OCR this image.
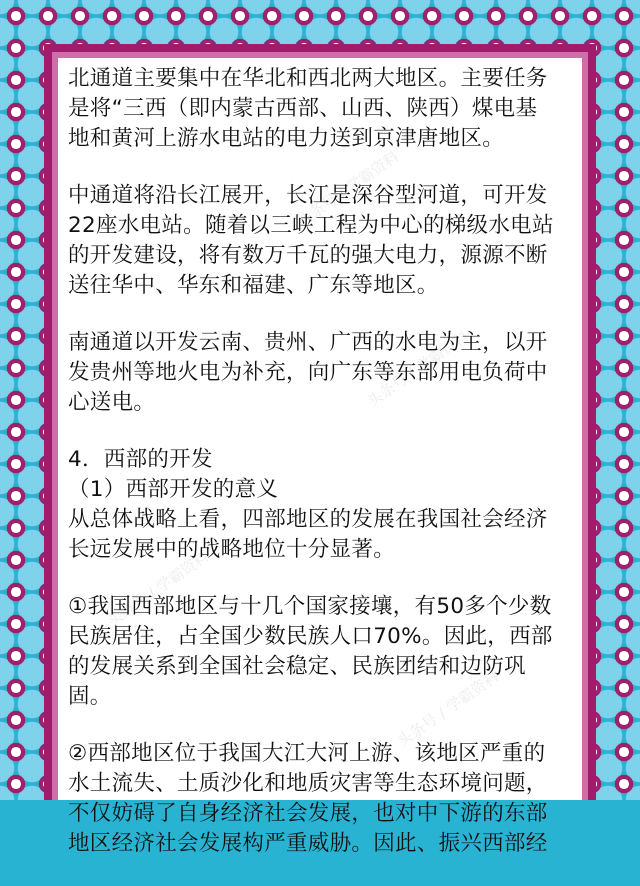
头条号 / 学霸资料
头条号 / 学霸资料
头条号 / 学霸资料
头条号 / 学霸资料

北通道主要集中在华北和西北两大地区。主要任务
是将“三西（即内蒙古西部、山西、陕西）煤电基
地和黄河上游水电站的电力送到京津唐地区。

中通道将沿长江展开，长江是深谷型河道，可开发
22座水电站。随着以三峡工程为中心的梯级水电站
的开发建设，将有数万千瓦的强大电力，源源不断
送往华中、华东和福建、广东等地区。

南通道以开发云南、贵州、广西的水电为主，以开
发贵州等地火电为补充，向广东等东部用电负荷中
心送电。

4．西部的开发

（1）西部开发的意义

从总体战略上看，四部地区的发展在我国社会经济
长远发展中的战略地位十分显著。

①我国西部地区与十几个国家接壤，有50多个少数
民族居住，占全国少数民族人口70%。因此，西部
的发展关系到全国社会稳定、民族团结和边防巩
固。

②西部地区位于我国大江大河上游、该地区严重的
水土流失、土质沙化和地质灾害等生态环境问题，
不仅妨碍了自身经济社会发展，也对中下游的东部
地区经济社会发展构严重威胁。因此、振兴西部经
